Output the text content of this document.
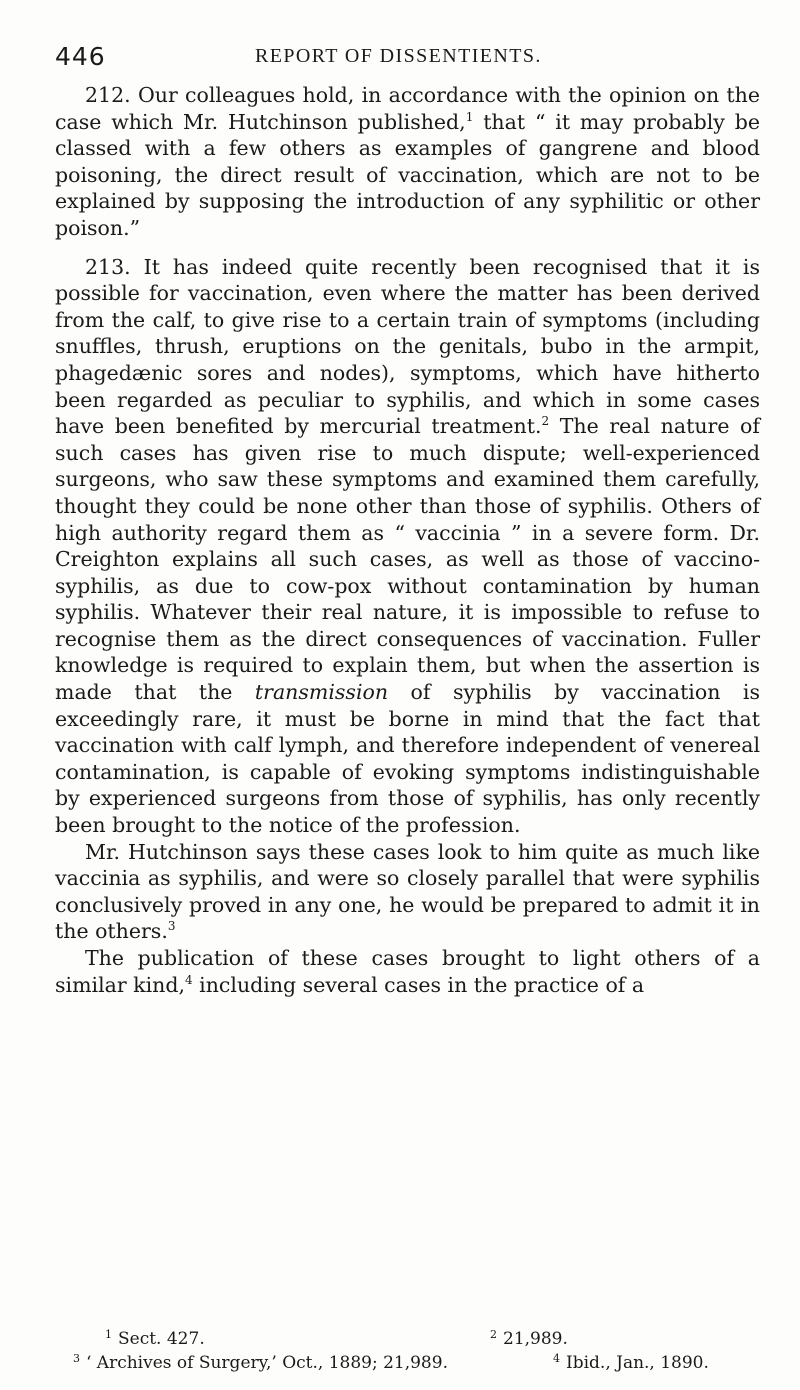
446	REPORT OF DISSENTIENTS.

212. Our colleagues hold, in accordance with the opinion on the case which Mr. Hutchinson published,$^1$ that “ it may probably be classed with a few others as examples of gangrene and blood poisoning, the direct result of vaccination, which are not to be explained by supposing the introduction of any syphilitic or other poison.”

213. It has indeed quite recently been recognised that it is possible for vaccination, even where the matter has been derived from the calf, to give rise to a certain train of symptoms (including snuffles, thrush, eruptions on the genitals, bubo in the armpit, phagedænic sores and nodes), symptoms, which have hitherto been regarded as peculiar to syphilis, and which in some cases have been benefited by mercurial treatment.$^2$ The real nature of such cases has given rise to much dispute; well-experienced surgeons, who saw these symptoms and examined them carefully, thought they could be none other than those of syphilis. Others of high authority regard them as “ vaccinia ” in a severe form. Dr. Creighton explains all such cases, as well as those of vaccino-syphilis, as due to cow-pox without contamination by human syphilis. Whatever their real nature, it is impossible to refuse to recognise them as the direct consequences of vaccination. Fuller knowledge is required to explain them, but when the assertion is made that the transmission of syphilis by vaccination is exceedingly rare, it must be borne in mind that the fact that vaccination with calf lymph, and therefore independent of venereal contamination, is capable of evoking symptoms indistinguishable by experienced surgeons from those of syphilis, has only recently been brought to the notice of the profession.

Mr. Hutchinson says these cases look to him quite as much like vaccinia as syphilis, and were so closely parallel that were syphilis conclusively proved in any one, he would be prepared to admit it in the others.$^3$

The publication of these cases brought to light others of a similar kind,$^4$ including several cases in the practice of a

$^1$ Sect. 427.	$^2$ 21,989.
$^3$ ‘ Archives of Surgery,’ Oct., 1889; 21,989.	$^4$ Ibid., Jan., 1890.
